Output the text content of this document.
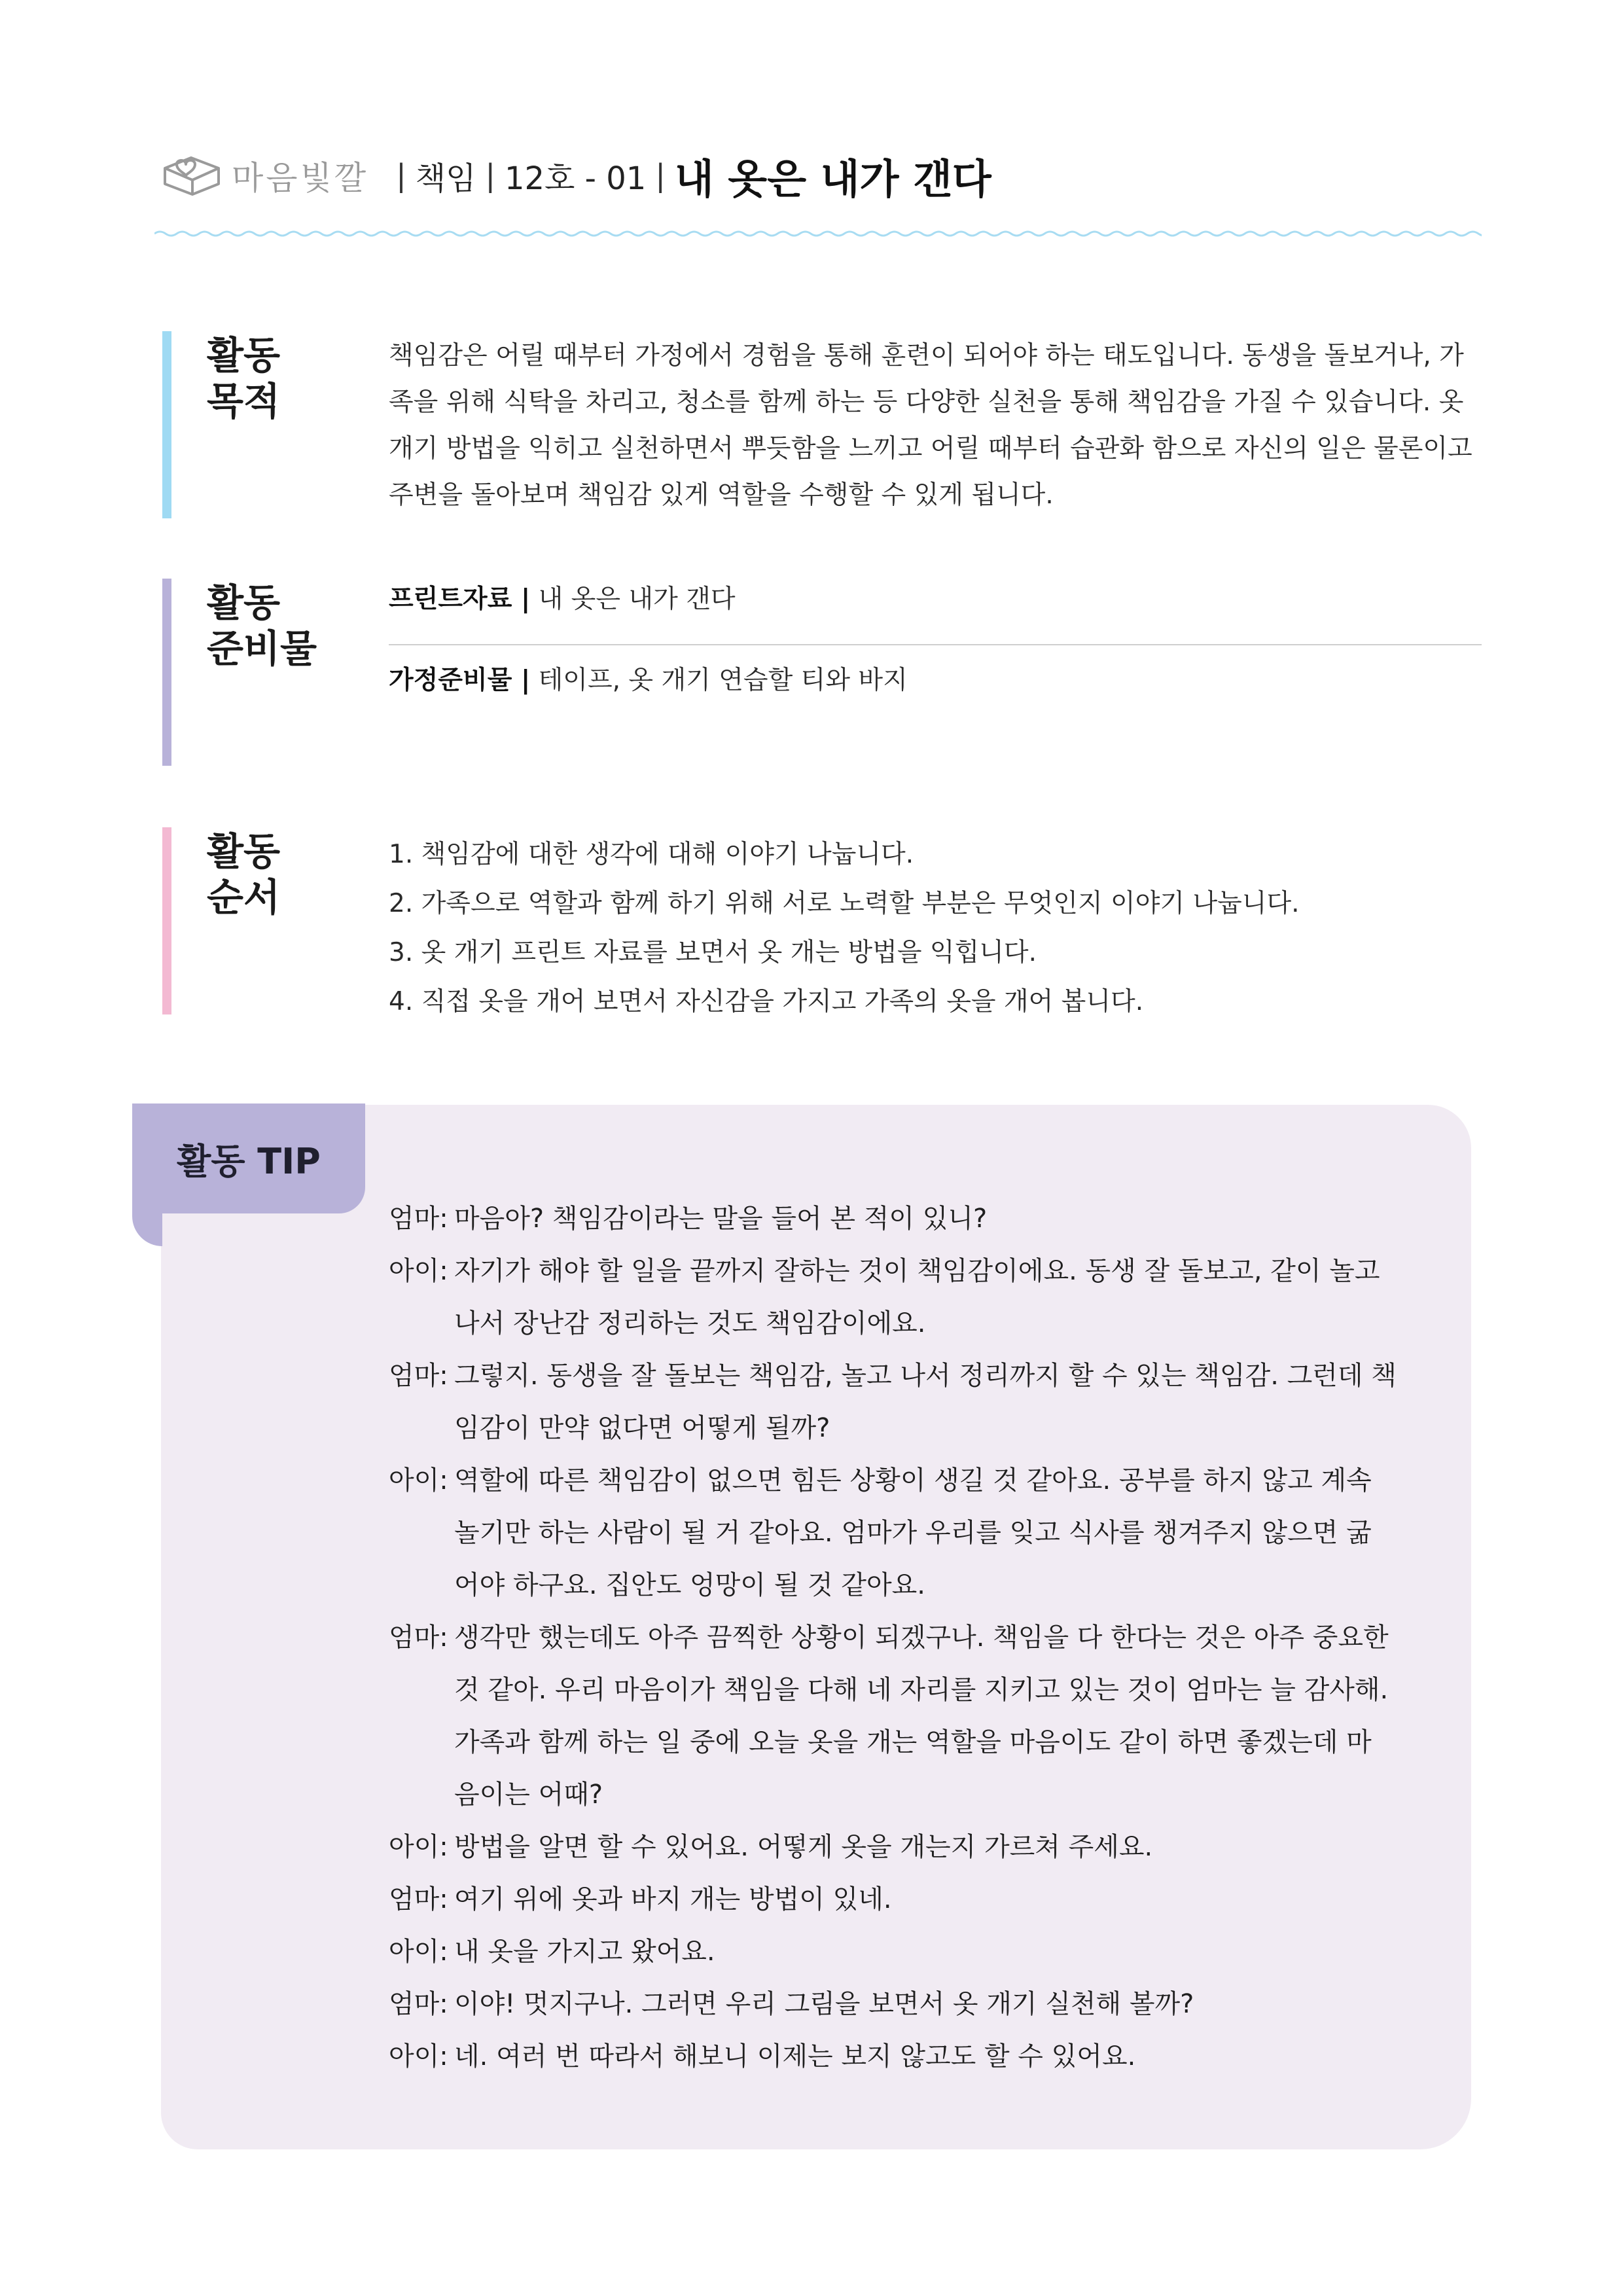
마음빛깔 | 책임 | 12호 - 01 | 내 옷은 내가 갠다
활동
목적
책임감은 어릴 때부터 가정에서 경험을 통해 훈련이 되어야 하는 태도입니다. 동생을 돌보거나, 가족을 위해 식탁을 차리고, 청소를 함께 하는 등 다양한 실천을 통해 책임감을 가질 수 있습니다. 옷 개기 방법을 익히고 실천하면서 뿌듯함을 느끼고 어릴 때부터 습관화 함으로 자신의 일은 물론이고 주변을 돌아보며 책임감 있게 역할을 수행할 수 있게 됩니다.
활동
준비물
프린트자료 | 내 옷은 내가 갠다
가정준비물 | 테이프, 옷 개기 연습할 티와 바지
활동
순서
1. 책임감에 대한 생각에 대해 이야기 나눕니다.
2. 가족으로 역할과 함께 하기 위해 서로 노력할 부분은 무엇인지 이야기 나눕니다.
3. 옷 개기 프린트 자료를 보면서 옷 개는 방법을 익힙니다.
4. 직접 옷을 개어 보면서 자신감을 가지고 가족의 옷을 개어 봅니다.
활동 TIP
엄마: 마음아? 책임감이라는 말을 들어 본 적이 있니?
아이: 자기가 해야 할 일을 끝까지 잘하는 것이 책임감이에요. 동생 잘 돌보고, 같이 놀고 나서 장난감 정리하는 것도 책임감이에요.
엄마: 그렇지. 동생을 잘 돌보는 책임감, 놀고 나서 정리까지 할 수 있는 책임감. 그런데 책임감이 만약 없다면 어떻게 될까?
아이: 역할에 따른 책임감이 없으면 힘든 상황이 생길 것 같아요. 공부를 하지 않고 계속 놀기만 하는 사람이 될 거 같아요. 엄마가 우리를 잊고 식사를 챙겨주지 않으면 굶어야 하구요. 집안도 엉망이 될 것 같아요.
엄마: 생각만 했는데도 아주 끔찍한 상황이 되겠구나. 책임을 다 한다는 것은 아주 중요한 것 같아. 우리 마음이가 책임을 다해 네 자리를 지키고 있는 것이 엄마는 늘 감사해. 가족과 함께 하는 일 중에 오늘 옷을 개는 역할을 마음이도 같이 하면 좋겠는데 마음이는 어때?
아이: 방법을 알면 할 수 있어요. 어떻게 옷을 개는지 가르쳐 주세요.
엄마: 여기 위에 옷과 바지 개는 방법이 있네.
아이: 내 옷을 가지고 왔어요.
엄마: 이야! 멋지구나. 그러면 우리 그림을 보면서 옷 개기 실천해 볼까?
아이: 네. 여러 번 따라서 해보니 이제는 보지 않고도 할 수 있어요.
